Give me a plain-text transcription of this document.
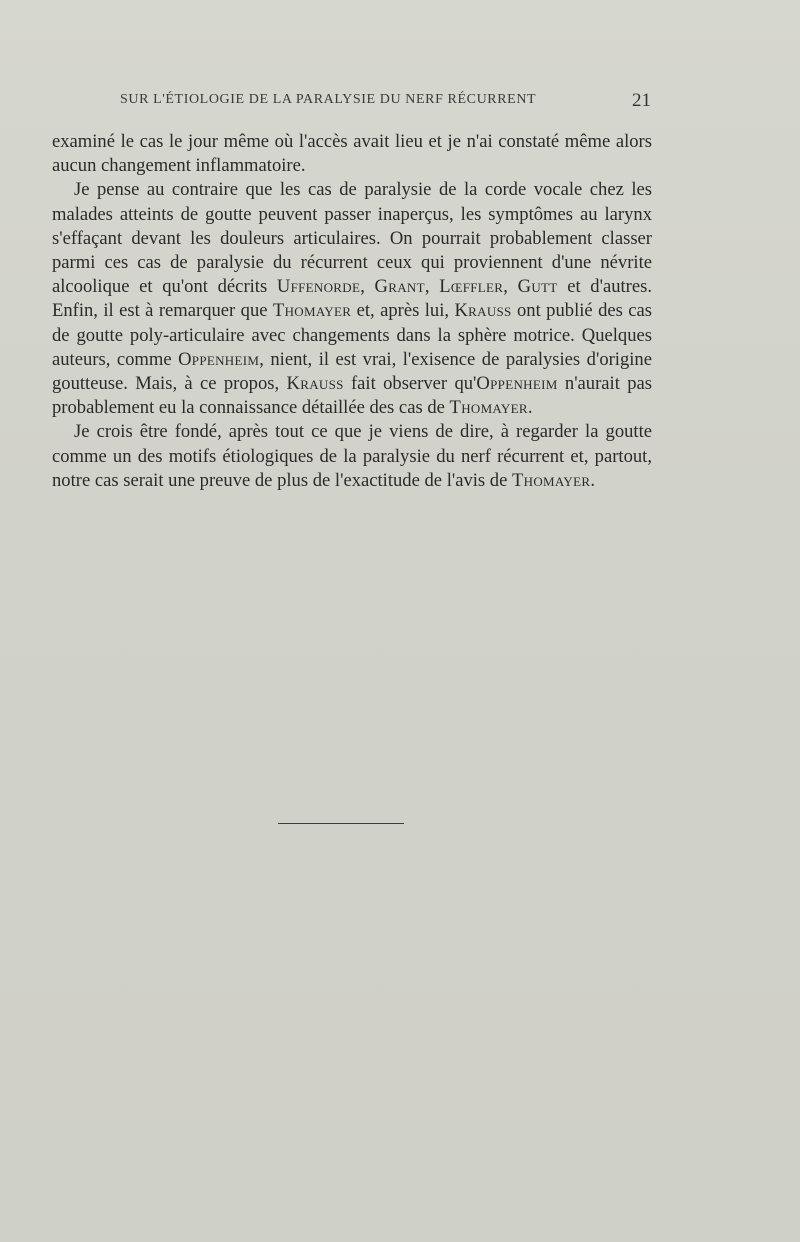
SUR L'ÉTIOLOGIE DE LA PARALYSIE DU NERF RÉCURRENT	21

examiné le cas le jour même où l'accès avait lieu et je n'ai constaté même alors aucun changement inflammatoire.

Je pense au contraire que les cas de paralysie de la corde vocale chez les malades atteints de goutte peuvent passer inaperçus, les symptômes au larynx s'effaçant devant les douleurs articulaires. On pourrait probablement classer parmi ces cas de paralysie du récurrent ceux qui proviennent d'une névrite alcoolique et qu'ont décrits Uffenorde, Grant, Lœffler, Gutt et d'autres. Enfin, il est à remarquer que Thomayer et, après lui, Krauss ont publié des cas de goutte poly-articulaire avec changements dans la sphère motrice. Quelques auteurs, comme Oppenheim, nient, il est vrai, l'exisence de paralysies d'origine goutteuse. Mais, à ce propos, Krauss fait observer qu'Oppenheim n'aurait pas probablement eu la connaissance détaillée des cas de Thomayer.

Je crois être fondé, après tout ce que je viens de dire, à regarder la goutte comme un des motifs étiologiques de la paralysie du nerf récurrent et, partout, notre cas serait une preuve de plus de l'exactitude de l'avis de Thomayer.
